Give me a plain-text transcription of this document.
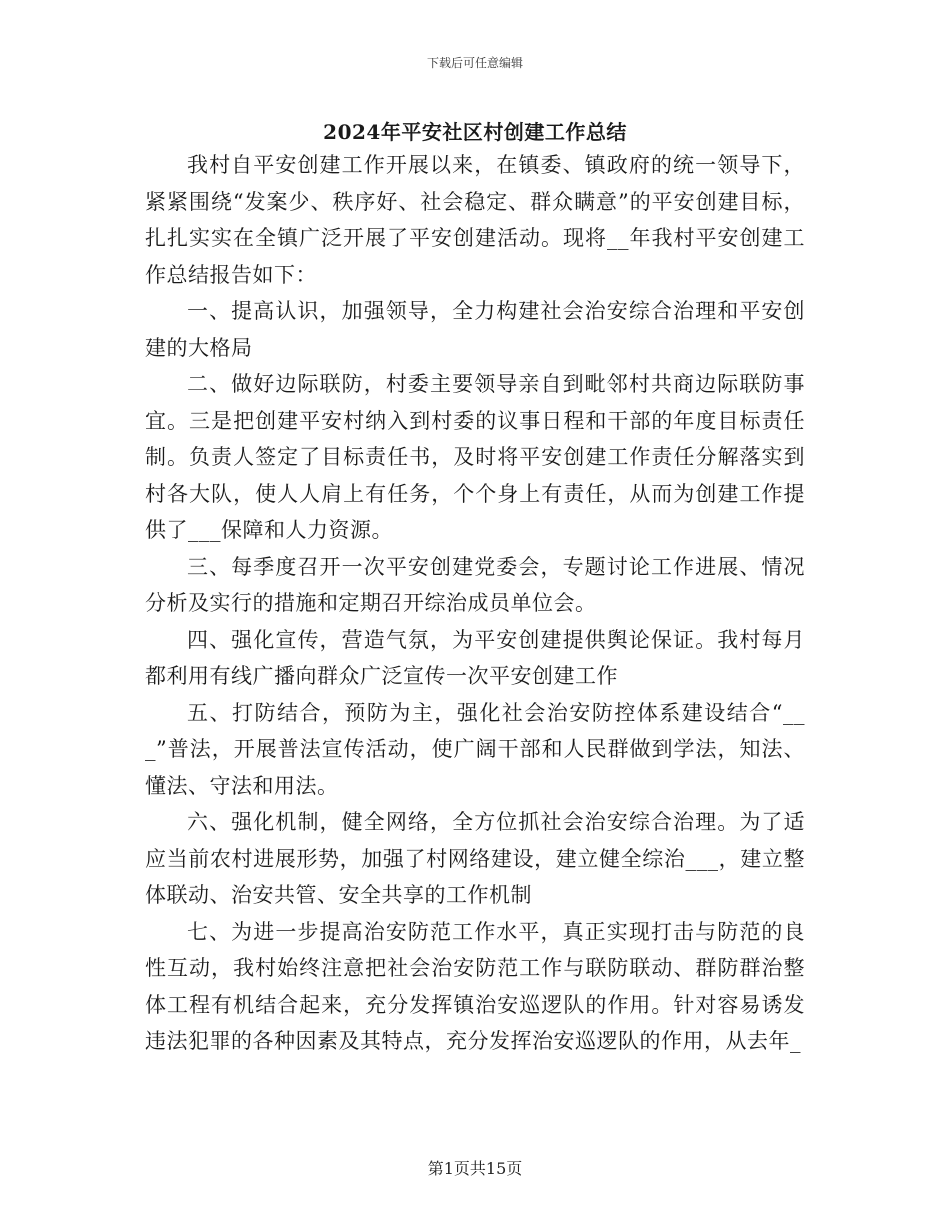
下载后可任意编辑
2024年平安社区村创建工作总结

我村自平安创建工作开展以来，在镇委、镇政府的统一领导下，紧紧围绕“发案少、秩序好、社会稳定、群众瞒意”的平安创建目标，扎扎实实在全镇广泛开展了平安创建活动。现将__年我村平安创建工作总结报告如下：

一、提高认识，加强领导，全力构建社会治安综合治理和平安创建的大格局

二、做好边际联防，村委主要领导亲自到毗邻村共商边际联防事宜。三是把创建平安村纳入到村委的议事日程和干部的年度目标责任制。负责人签定了目标责任书，及时将平安创建工作责任分解落实到村各大队，使人人肩上有任务，个个身上有责任，从而为创建工作提供了___保障和人力资源。

三、每季度召开一次平安创建党委会，专题讨论工作进展、情况分析及实行的措施和定期召开综治成员单位会。

四、强化宣传，营造气氛，为平安创建提供舆论保证。我村每月都利用有线广播向群众广泛宣传一次平安创建工作

五、打防结合，预防为主，强化社会治安防控体系建设结合“___”普法，开展普法宣传活动，使广阔干部和人民群做到学法，知法、懂法、守法和用法。

六、强化机制，健全网络，全方位抓社会治安综合治理。为了适应当前农村进展形势，加强了村网络建设，建立健全综治___，建立整体联动、治安共管、安全共享的工作机制

七、为进一步提高治安防范工作水平，真正实现打击与防范的良性互动，我村始终注意把社会治安防范工作与联防联动、群防群治整体工程有机结合起来，充分发挥镇治安巡逻队的作用。针对容易诱发违法犯罪的各种因素及其特点，充分发挥治安巡逻队的作用，从去年_

第1页共15页
